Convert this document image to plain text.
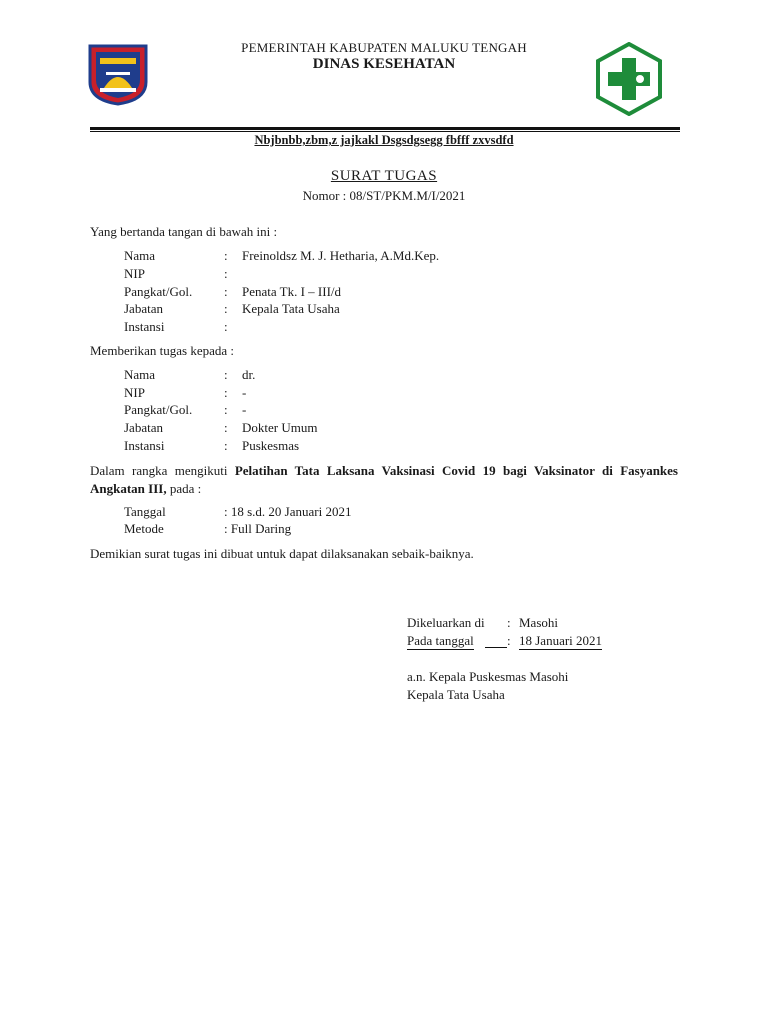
PEMERINTAH KABUPATEN MALUKU TENGAH
DINAS KESEHATAN
Nbjbnbb,zbm,z jajkakl Dsgsdgsegg fbfff zxvsdfd
SURAT TUGAS
Nomor : 08/ST/PKM.M/I/2021
Yang bertanda tangan di bawah ini :
Nama	: Freinoldsz M. J. Hetharia, A.Md.Kep.
NIP	:
Pangkat/Gol.	: Penata Tk. I – III/d
Jabatan	: Kepala Tata Usaha
Instansi	:
Memberikan tugas kepada :
Nama	: dr.
NIP	: -
Pangkat/Gol.	: -
Jabatan	: Dokter Umum
Instansi	: Puskesmas
Dalam rangka mengikuti Pelatihan Tata Laksana Vaksinasi Covid 19 bagi Vaksinator di Fasyankes Angkatan III, pada :
Tanggal	: 18 s.d. 20 Januari 2021
Metode	: Full Daring
Demikian surat tugas ini dibuat untuk dapat dilaksanakan sebaik-baiknya.
Dikeluarkan di : Masohi
Pada tanggal	: 18 Januari 2021
a.n. Kepala Puskesmas Masohi
Kepala Tata Usaha
